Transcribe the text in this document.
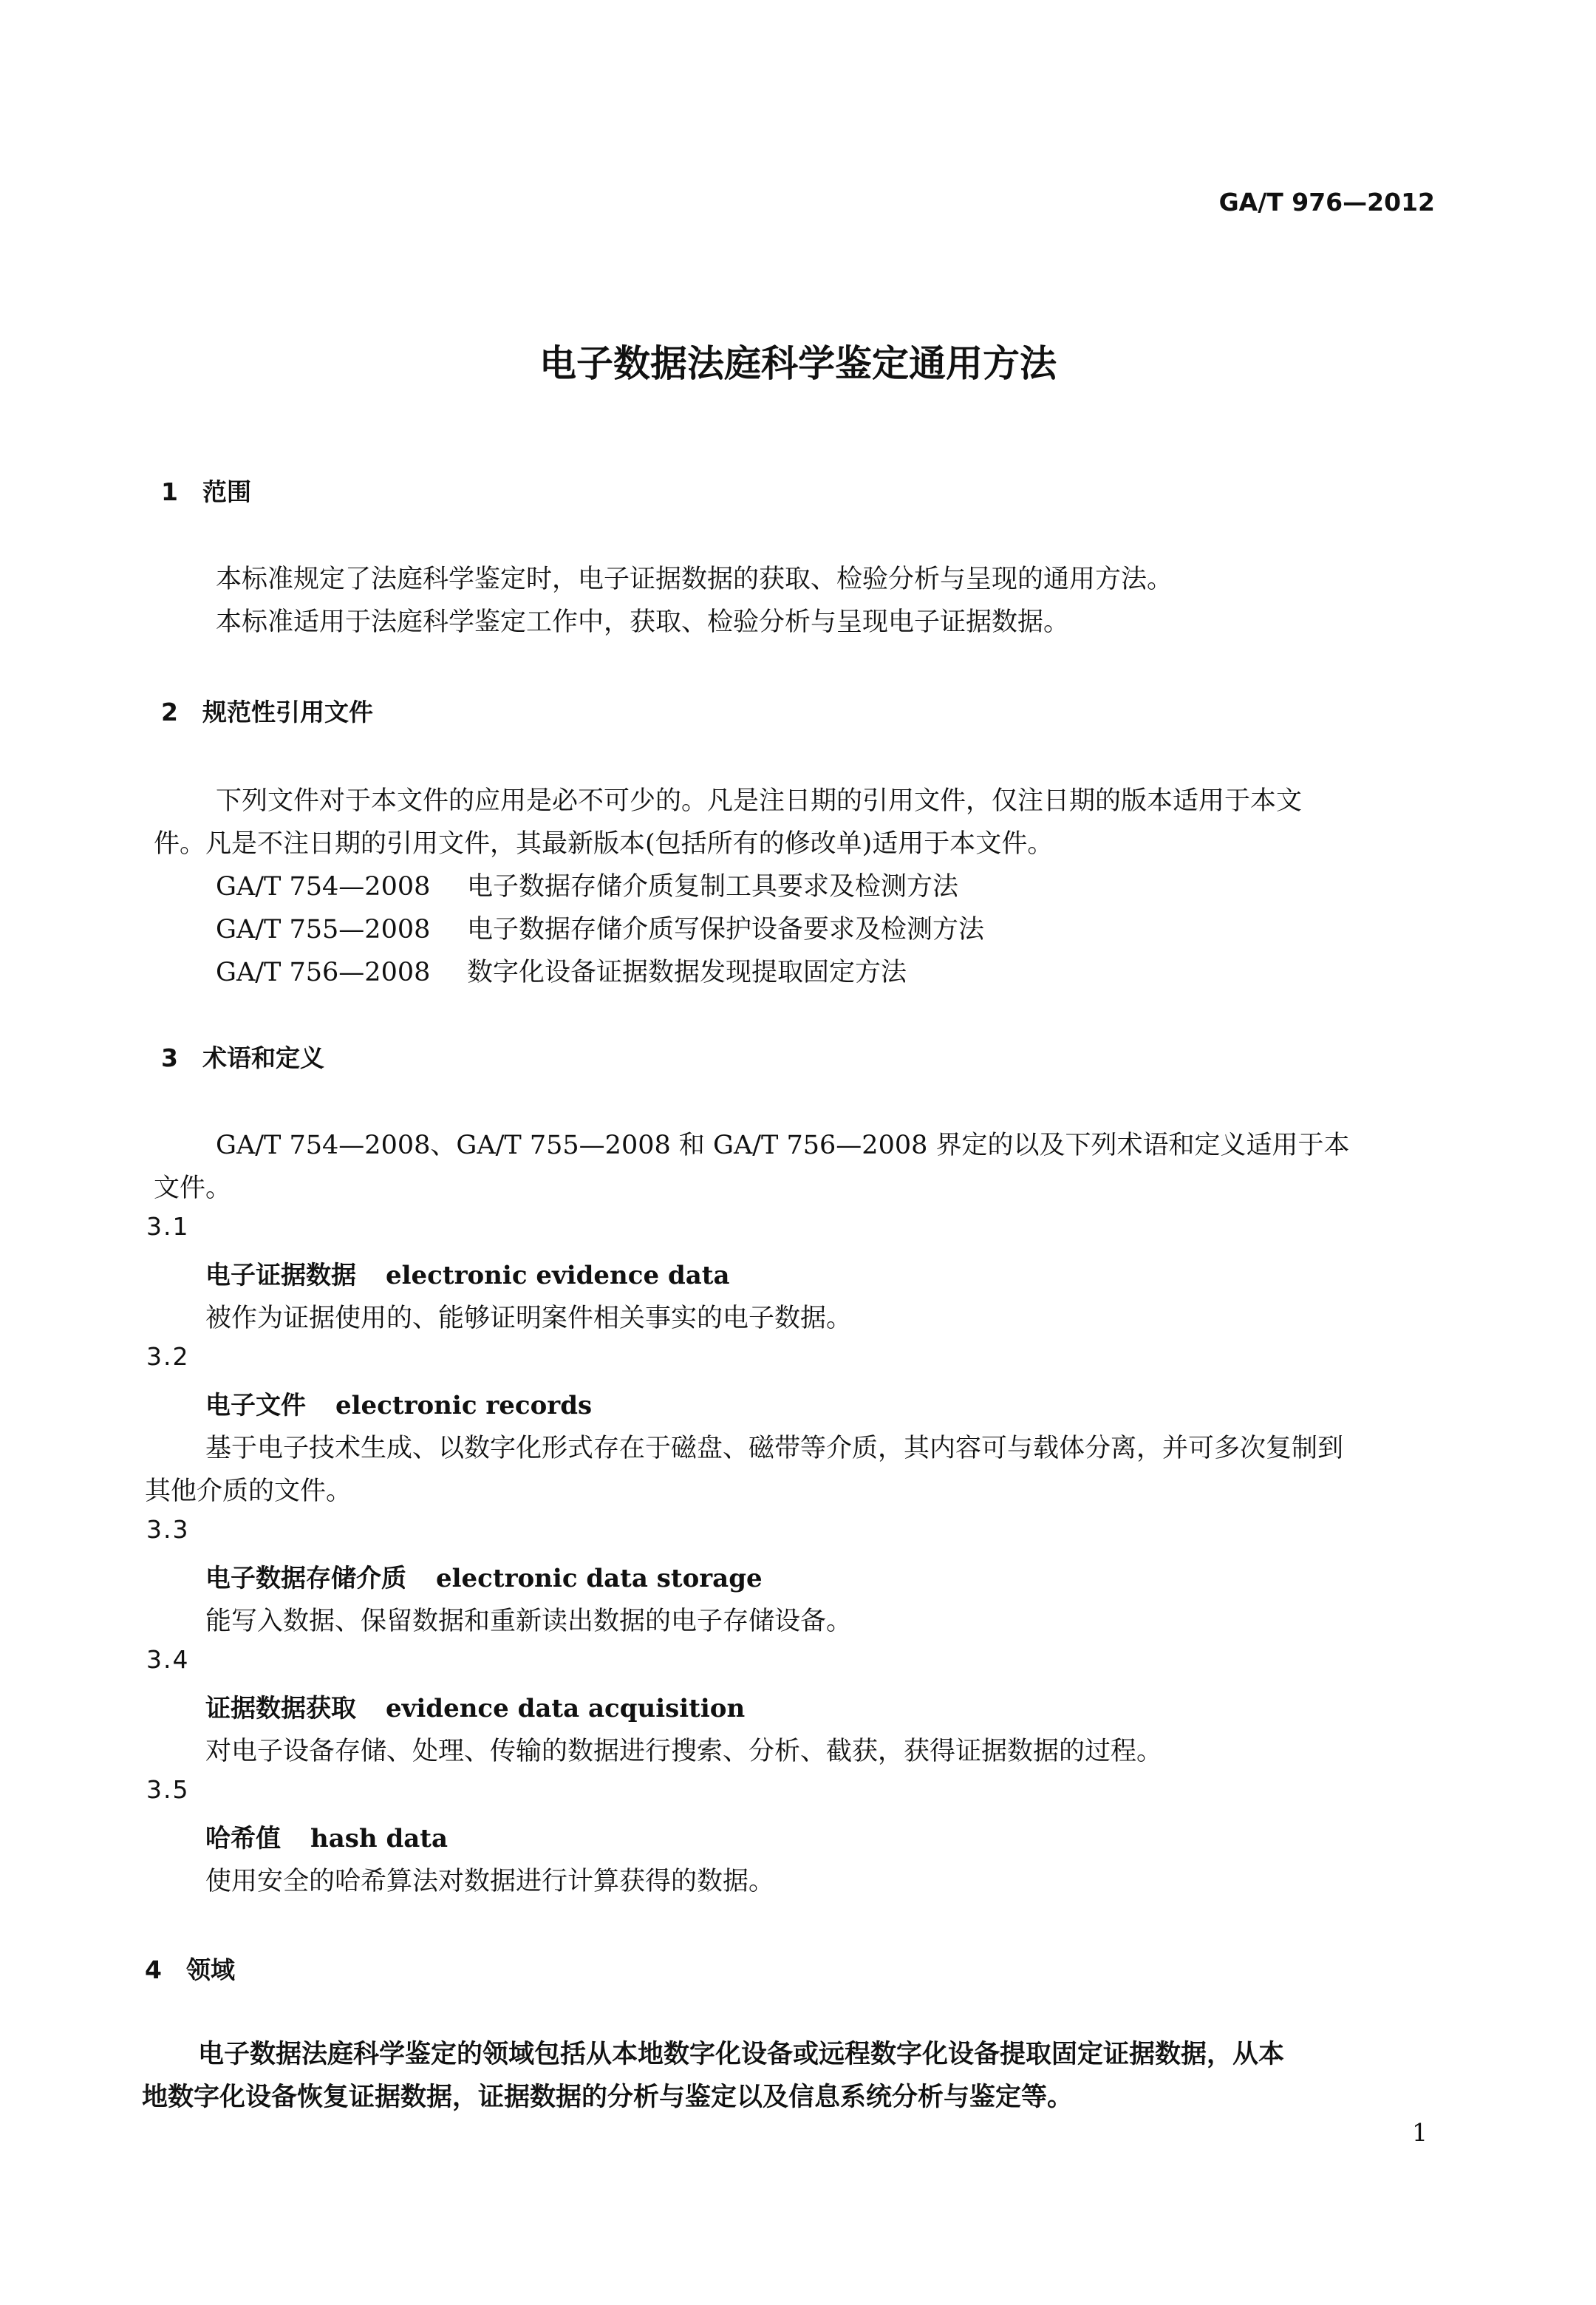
GA/T 976—2012
电子数据法庭科学鉴定通用方法
1 范围
本标准规定了法庭科学鉴定时，电子证据数据的获取、检验分析与呈现的通用方法。
本标准适用于法庭科学鉴定工作中，获取、检验分析与呈现电子证据数据。
2 规范性引用文件
下列文件对于本文件的应用是必不可少的。凡是注日期的引用文件，仅注日期的版本适用于本文
件。凡是不注日期的引用文件，其最新版本(包括所有的修改单)适用于本文件。
GA/T 754—2008 电子数据存储介质复制工具要求及检测方法
GA/T 755—2008 电子数据存储介质写保护设备要求及检测方法
GA/T 756—2008 数字化设备证据数据发现提取固定方法
3 术语和定义
GA/T 754—2008、GA/T 755—2008 和 GA/T 756—2008 界定的以及下列术语和定义适用于本
文件。
3.1
电子证据数据 electronic evidence data
被作为证据使用的、能够证明案件相关事实的电子数据。
3.2
电子文件 electronic records
基于电子技术生成、以数字化形式存在于磁盘、磁带等介质，其内容可与载体分离，并可多次复制到
其他介质的文件。
3.3
电子数据存储介质 electronic data storage
能写入数据、保留数据和重新读出数据的电子存储设备。
3.4
证据数据获取 evidence data acquisition
对电子设备存储、处理、传输的数据进行搜索、分析、截获，获得证据数据的过程。
3.5
哈希值 hash data
使用安全的哈希算法对数据进行计算获得的数据。
4 领域
电子数据法庭科学鉴定的领域包括从本地数字化设备或远程数字化设备提取固定证据数据，从本
地数字化设备恢复证据数据，证据数据的分析与鉴定以及信息系统分析与鉴定等。
1
